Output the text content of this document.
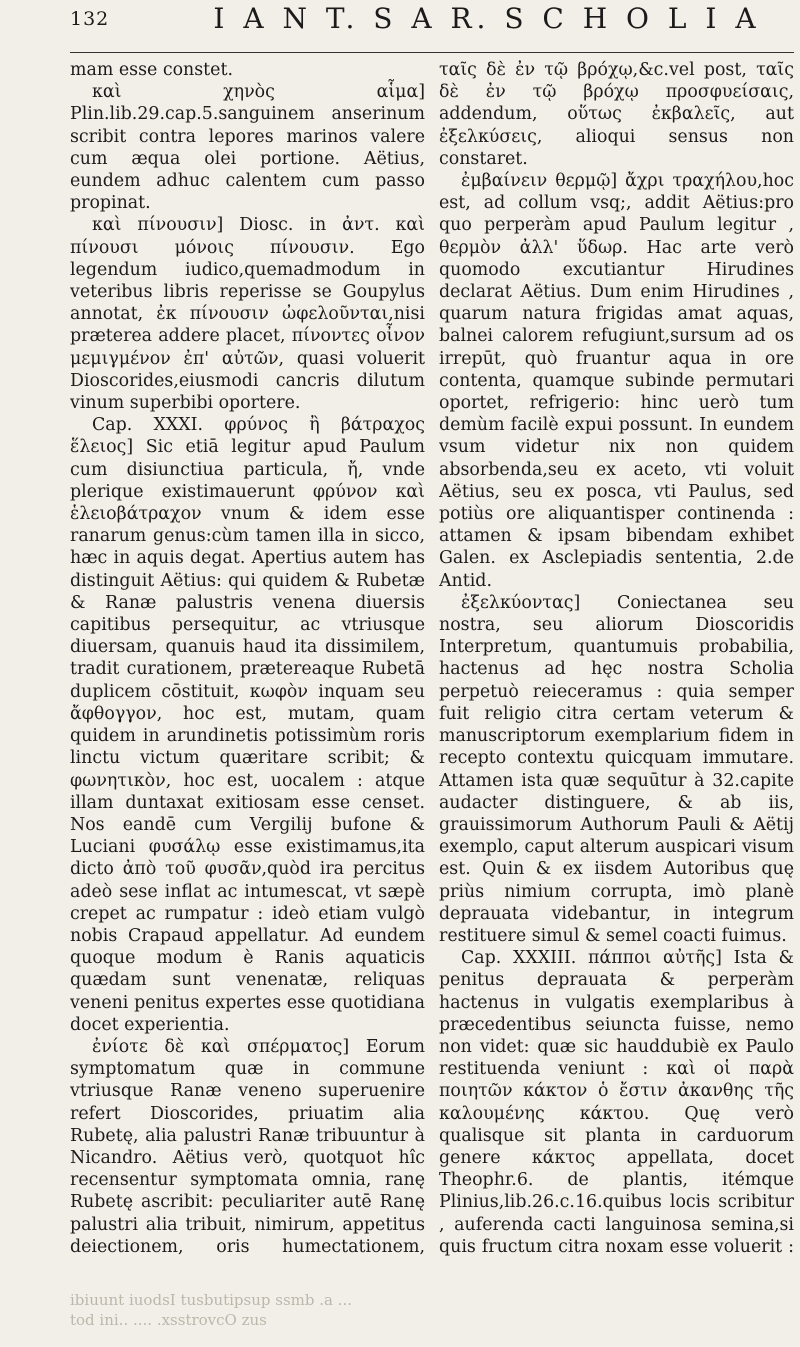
132	I A N T. S A R. S C H O L I A

mam esse constet.

καὶ χηνὸς αἷμα] Plin.lib.29.cap.5.sanguinem anserinum scribit contra lepores marinos valere cum æqua olei portione. Aëtius, eundem adhuc calentem cum passo propinat.

καὶ πίνουσιν] Diosc. in ἀντ. καὶ πίνουσι μόνοις πίνουσιν. Ego legendum iudico,quemadmodum in veteribus libris reperisse se Goupylus annotat, ἐκ πίνουσιν ὠφελοῦνται,nisi præterea addere placet, πίνοντες οἶνον μεμιγμένον ἐπ' αὐτῶν, quasi voluerit Dioscorides,eiusmodi cancris dilutum vinum superbibi oportere.

Cap. XXXI. φρύνος ἢ βάτραχος ἕλειος] Sic etiā legitur apud Paulum cum disiunctiua particula, ἤ, vnde plerique existimauerunt φρύνον καὶ ἑλειοβάτραχον vnum & idem esse ranarum genus:cùm tamen illa in sicco, hæc in aquis degat. Apertius autem has distinguit Aëtius: qui quidem & Rubetæ & Ranæ palustris venena diuersis capitibus persequitur, ac vtriusque diuersam, quanuis haud ita dissimilem, tradit curationem, prætereaque Rubetā duplicem cōstituit, κωφὸν inquam seu ἄφθογγον, hoc est, mutam, quam quidem in arundinetis potissimùm roris linctu victum quæritare scribit; & φωνητικὸν, hoc est, uocalem : atque illam duntaxat exitiosam esse censet. Nos eandē cum Vergilij bufone & Luciani φυσάλῳ esse existimamus,ita dicto ἀπὸ τοῦ φυσᾶν,quòd ira percitus adeò sese inflat ac intumescat, vt sæpè crepet ac rumpatur : ideò etiam vulgò nobis Crapaud appellatur. Ad eundem quoque modum è Ranis aquaticis quædam sunt venenatæ, reliquas veneni penitus expertes esse quotidiana docet experientia.

ἐνίοτε δὲ καὶ σπέρματος] Eorum symptomatum quæ in commune vtriusque Ranæ veneno superuenire refert Dioscorides, priuatim alia Rubetę, alia palustri Ranæ tribuuntur à Nicandro. Aëtius verò, quotquot hîc recensentur symptomata omnia, ranę Rubetę ascribit: peculiariter autē Ranę palustri alia tribuit, nimirum, appetitus deiectionem, oris humectationem,

ταῖς δὲ ἐν τῷ βρόχῳ,&c.vel post, ταῖς δὲ ἐν τῷ βρόχῳ προσφυείσαις, addendum, οὕτως ἐκβαλεῖς, aut ἐξελκύσεις, alioqui sensus non constaret.

ἐμβαίνειν θερμῷ] ἄχρι τραχήλου,hoc est, ad collum vsq;, addit Aëtius:pro quo perperàm apud Paulum legitur , θερμὸν ἀλλ' ὕδωρ. Hac arte verò quomodo excutiantur Hirudines declarat Aëtius. Dum enim Hirudines , quarum natura frigidas amat aquas, balnei calorem refugiunt,sursum ad os irrepūt, quò fruantur aqua in ore contenta, quamque subinde permutari oportet, refrigerio: hinc uerò tum demùm facilè expui possunt. In eundem vsum videtur nix non quidem absorbenda,seu ex aceto, vti voluit Aëtius, seu ex posca, vti Paulus, sed potiùs ore aliquantisper continenda : attamen & ipsam bibendam exhibet Galen. ex Asclepiadis sententia, 2.de Antid.

ἐξελκύοντας] Coniectanea seu nostra, seu aliorum Dioscoridis Interpretum, quantumuis probabilia, hactenus ad hęc nostra Scholia perpetuò reieceramus : quia semper fuit religio citra certam veterum & manuscriptorum exemplarium fidem in recepto contextu quicquam immutare. Attamen ista quæ sequūtur à 32.capite audacter distinguere, & ab iis, grauissimorum Authorum Pauli & Aëtij exemplo, caput alterum auspicari visum est. Quin & ex iisdem Autoribus quę priùs nimium corrupta, imò planè deprauata videbantur, in integrum restituere simul & semel coacti fuimus.

Cap. XXXIII. πάπποι αὐτῆς] Ista & penitus deprauata & perperàm hactenus in vulgatis exemplaribus à præcedentibus seiuncta fuisse, nemo non videt: quæ sic hauddubiè ex Paulo restituenda veniunt : καὶ οἱ παρὰ ποιητῶν κάκτον ὁ ἔστιν ἀκανθης τῆς καλουμένης κάκτου. Quę verò qualisque sit planta in carduorum genere κάκτος appellata, docet Theophr.6. de plantis, itémque Plinius,lib.26.c.16.quibus locis scribitur , auferenda cacti languinosa semina,si quis fructum citra noxam esse voluerit :

ibiuunt iuodsI tusbutipsup ssmb .a ...
tod ini.. .... .xsstrovcO zus
